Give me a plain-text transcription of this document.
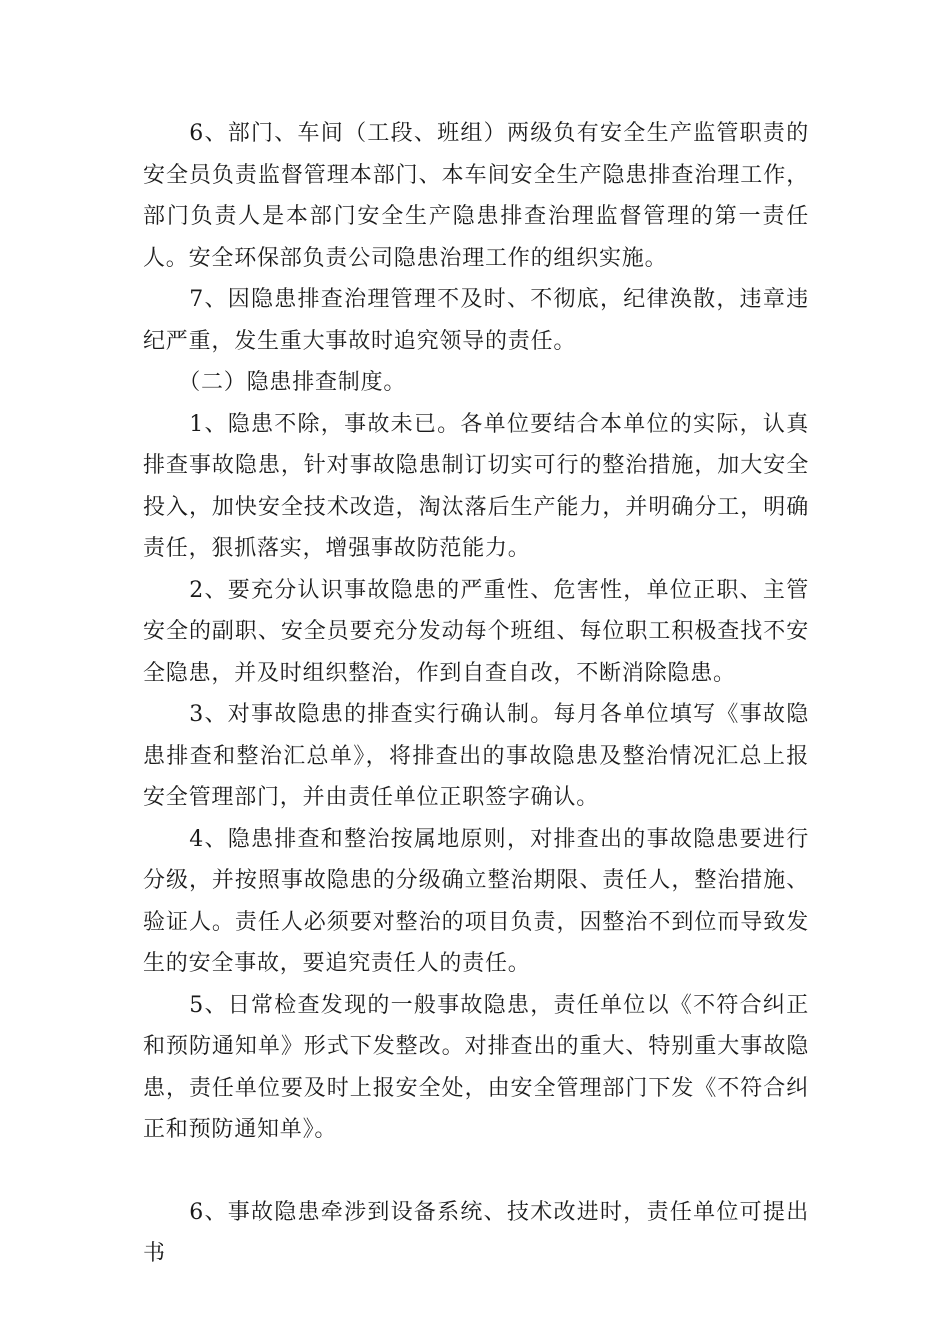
6、部门、车间（工段、班组）两级负有安全生产监管职责的安全员负责监督管理本部门、本车间安全生产隐患排查治理工作，部门负责人是本部门安全生产隐患排查治理监督管理的第一责任人。安全环保部负责公司隐患治理工作的组织实施。

7、因隐患排查治理管理不及时、不彻底，纪律涣散，违章违纪严重，发生重大事故时追究领导的责任。

（二）隐患排查制度。

1、隐患不除，事故未已。各单位要结合本单位的实际，认真排查事故隐患，针对事故隐患制订切实可行的整治措施，加大安全投入，加快安全技术改造，淘汰落后生产能力，并明确分工，明确责任，狠抓落实，增强事故防范能力。

2、要充分认识事故隐患的严重性、危害性，单位正职、主管安全的副职、安全员要充分发动每个班组、每位职工积极查找不安全隐患，并及时组织整治，作到自查自改，不断消除隐患。

3、对事故隐患的排查实行确认制。每月各单位填写《事故隐患排查和整治汇总单》，将排查出的事故隐患及整治情况汇总上报安全管理部门，并由责任单位正职签字确认。

4、隐患排查和整治按属地原则，对排查出的事故隐患要进行分级，并按照事故隐患的分级确立整治期限、责任人，整治措施、验证人。责任人必须要对整治的项目负责，因整治不到位而导致发生的安全事故，要追究责任人的责任。

5、日常检查发现的一般事故隐患，责任单位以《不符合纠正和预防通知单》形式下发整改。对排查出的重大、特别重大事故隐患，责任单位要及时上报安全处，由安全管理部门下发《不符合纠正和预防通知单》。

6、事故隐患牵涉到设备系统、技术改进时，责任单位可提出书
